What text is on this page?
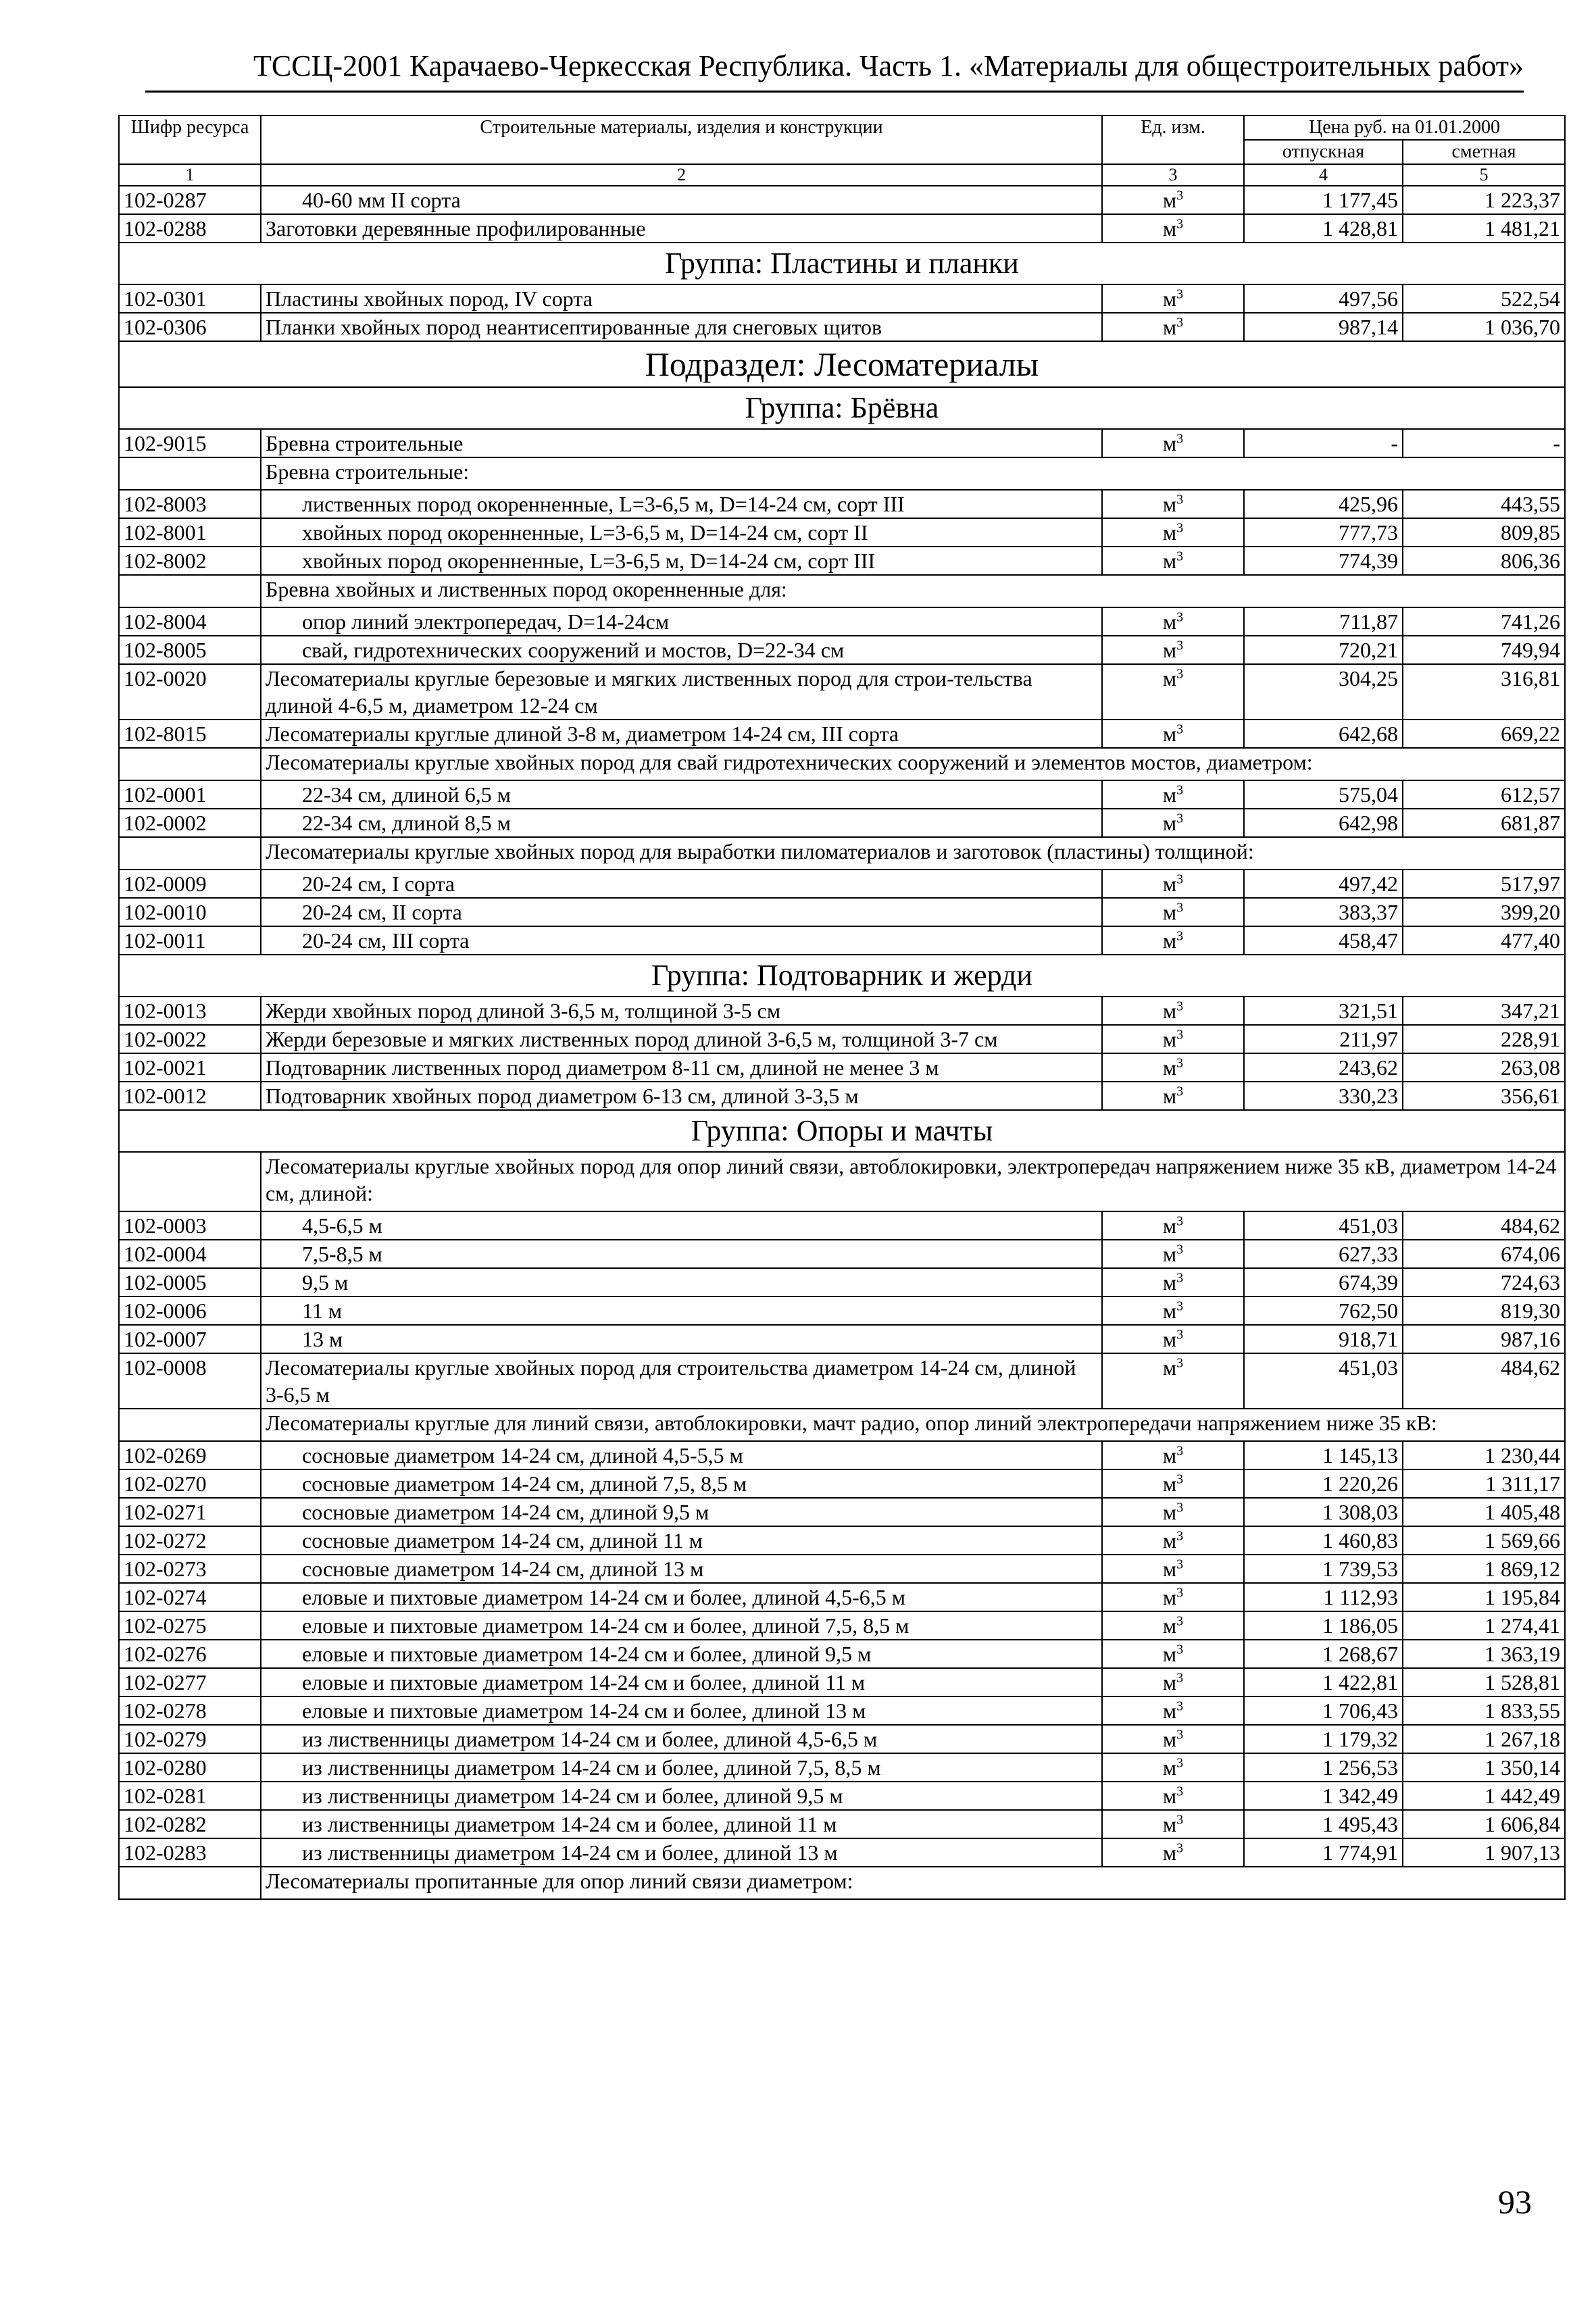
ТССЦ-2001 Карачаево-Черкесская Республика. Часть 1. «Материалы для общестроительных работ»
Шифр ресурса	Строительные материалы, изделия и конструкции	Ед. изм.	Цена руб. на 01.01.2000	
			отпускная	сметная
1	2	3	4	5
102-0287	40-60 мм II сорта	$м^3$	1 177,45	1 223,37
102-0288	Заготовки деревянные профилированные	$м^3$	1 428,81	1 481,21
Группа: Пластины и планки				
102-0301	Пластины хвойных пород, IV сорта	$м^3$	497,56	522,54
102-0306	Планки хвойных пород неантисептированные для снеговых щитов	$м^3$	987,14	1 036,70
Подраздел: Лесоматериалы				
Группа: Брёвна				
102-9015	Бревна строительные	$м^3$	-	-
	Бревна строительные:			
102-8003	лиственных пород окоренненные, L=3-6,5 м, D=14-24 см, сорт III	$м^3$	425,96	443,55
102-8001	хвойных пород окоренненные, L=3-6,5 м, D=14-24 см, сорт II	$м^3$	777,73	809,85
102-8002	хвойных пород окоренненные, L=3-6,5 м, D=14-24 см, сорт III	$м^3$	774,39	806,36
	Бревна хвойных и лиственных пород окоренненные для:			
102-8004	опор линий электропередач, D=14-24см	$м^3$	711,87	741,26
102-8005	свай, гидротехнических сооружений и мостов, D=22-34 см	$м^3$	720,21	749,94
102-0020	Лесоматериалы круглые березовые и мягких лиственных пород для строи-тельства длиной 4-6,5 м, диаметром 12-24 см	$м^3$	304,25	316,81
102-8015	Лесоматериалы круглые длиной 3-8 м, диаметром 14-24 см, III сорта	$м^3$	642,68	669,22
	Лесоматериалы круглые хвойных пород для свай гидротехнических сооружений и элементов мостов, диаметром:			
102-0001	22-34 см, длиной 6,5 м	$м^3$	575,04	612,57
102-0002	22-34 см, длиной 8,5 м	$м^3$	642,98	681,87
	Лесоматериалы круглые хвойных пород для выработки пиломатериалов и заготовок (пластины) толщиной:			
102-0009	20-24 см, I сорта	$м^3$	497,42	517,97
102-0010	20-24 см, II сорта	$м^3$	383,37	399,20
102-0011	20-24 см, III сорта	$м^3$	458,47	477,40
Группа: Подтоварник и жерди				
102-0013	Жерди хвойных пород длиной 3-6,5 м, толщиной 3-5 см	$м^3$	321,51	347,21
102-0022	Жерди березовые и мягких лиственных пород длиной 3-6,5 м, толщиной 3-7 см	$м^3$	211,97	228,91
102-0021	Подтоварник лиственных пород диаметром 8-11 см, длиной не менее 3 м	$м^3$	243,62	263,08
102-0012	Подтоварник хвойных пород диаметром 6-13 см, длиной 3-3,5 м	$м^3$	330,23	356,61
Группа: Опоры и мачты				
	Лесоматериалы круглые хвойных пород для опор линий связи, автоблокировки, электропередач напряжением ниже 35 кВ, диаметром 14-24 см, длиной:			
102-0003	4,5-6,5 м	$м^3$	451,03	484,62
102-0004	7,5-8,5 м	$м^3$	627,33	674,06
102-0005	9,5 м	$м^3$	674,39	724,63
102-0006	11 м	$м^3$	762,50	819,30
102-0007	13 м	$м^3$	918,71	987,16
102-0008	Лесоматериалы круглые хвойных пород для строительства диаметром 14-24 см, длиной 3-6,5 м	$м^3$	451,03	484,62
	Лесоматериалы круглые для линий связи, автоблокировки, мачт радио, опор линий электропередачи напряжением ниже 35 кВ:			
102-0269	сосновые диаметром 14-24 см, длиной 4,5-5,5 м	$м^3$	1 145,13	1 230,44
102-0270	сосновые диаметром 14-24 см, длиной 7,5, 8,5 м	$м^3$	1 220,26	1 311,17
102-0271	сосновые диаметром 14-24 см, длиной 9,5 м	$м^3$	1 308,03	1 405,48
102-0272	сосновые диаметром 14-24 см, длиной 11 м	$м^3$	1 460,83	1 569,66
102-0273	сосновые диаметром 14-24 см, длиной 13 м	$м^3$	1 739,53	1 869,12
102-0274	еловые и пихтовые диаметром 14-24 см и более, длиной 4,5-6,5 м	$м^3$	1 112,93	1 195,84
102-0275	еловые и пихтовые диаметром 14-24 см и более, длиной 7,5, 8,5 м	$м^3$	1 186,05	1 274,41
102-0276	еловые и пихтовые диаметром 14-24 см и более, длиной 9,5 м	$м^3$	1 268,67	1 363,19
102-0277	еловые и пихтовые диаметром 14-24 см и более, длиной 11 м	$м^3$	1 422,81	1 528,81
102-0278	еловые и пихтовые диаметром 14-24 см и более, длиной 13 м	$м^3$	1 706,43	1 833,55
102-0279	из лиственницы диаметром 14-24 см и более, длиной 4,5-6,5 м	$м^3$	1 179,32	1 267,18
102-0280	из лиственницы диаметром 14-24 см и более, длиной 7,5, 8,5 м	$м^3$	1 256,53	1 350,14
102-0281	из лиственницы диаметром 14-24 см и более, длиной 9,5 м	$м^3$	1 342,49	1 442,49
102-0282	из лиственницы диаметром 14-24 см и более, длиной 11 м	$м^3$	1 495,43	1 606,84
102-0283	из лиственницы диаметром 14-24 см и более, длиной 13 м	$м^3$	1 774,91	1 907,13
	Лесоматериалы пропитанные для опор линий связи диаметром:			
93
